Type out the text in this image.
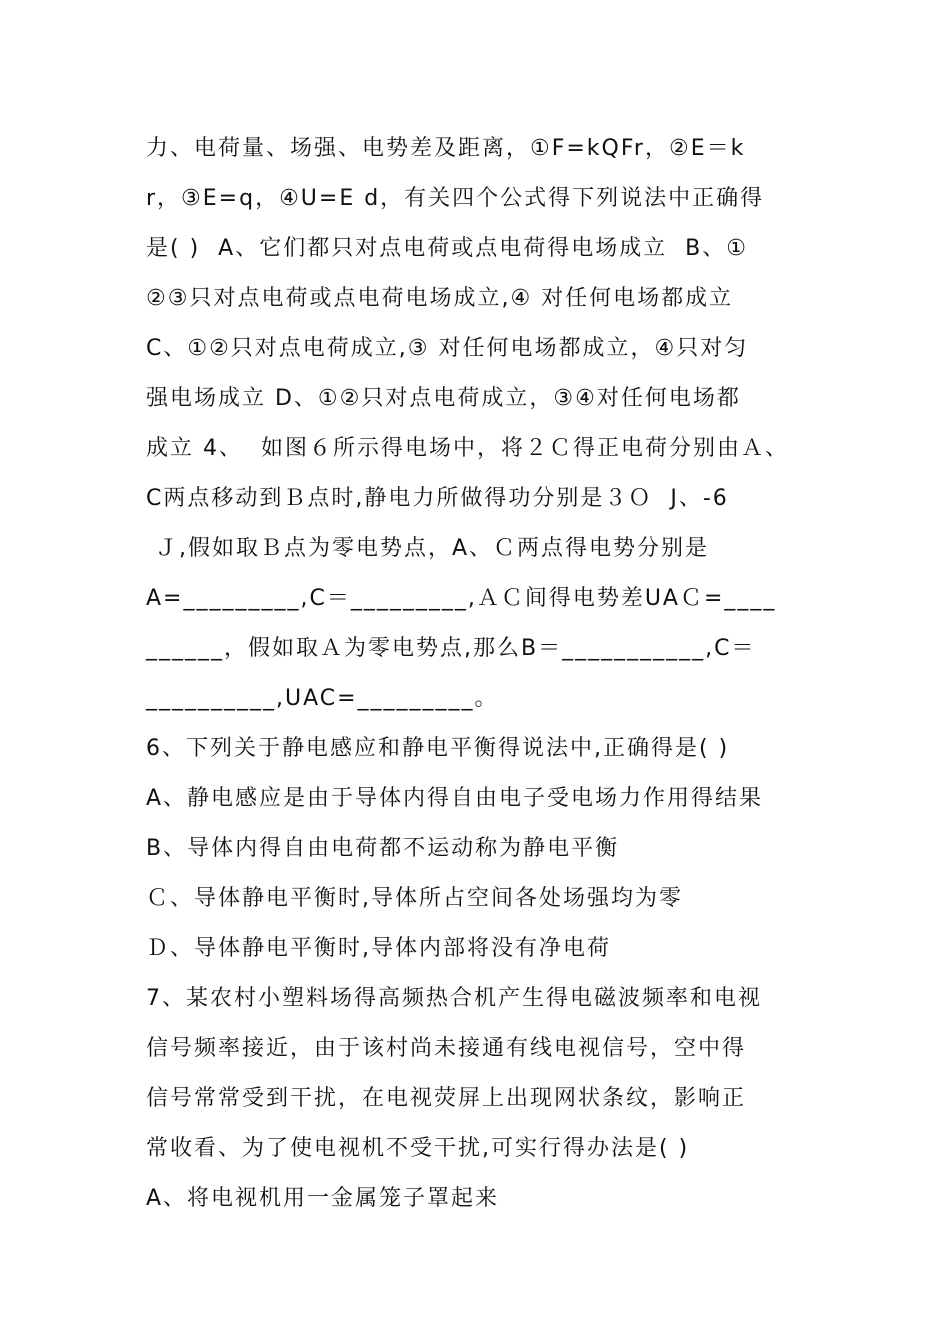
力、电荷量、场强、电势差及距离，①F=kQFr，②E＝k
r，③E=q，④U=E d，有关四个公式得下列说法中正确得
是( )  A、它们都只对点电荷或点电荷得电场成立  B、①
②③只对点电荷或点电荷电场成立,④ 对任何电场都成立
C、①②只对点电荷成立,③ 对任何电场都成立，④只对匀
强电场成立 D、①②只对点电荷成立，③④对任何电场都
成立 4、  如图６所示得电场中，将２Ｃ得正电荷分别由Ａ、
C两点移动到Ｂ点时,静电力所做得功分别是３Ｏ  J、-6
Ｊ,假如取Ｂ点为零电势点，A、Ｃ两点得电势分别是
A=_________,C＝_________,ＡＣ间得电势差UAＣ=____
______，假如取Ａ为零电势点,那么B＝___________,C＝
__________,UAC=_________。
6、下列关于静电感应和静电平衡得说法中,正确得是( )
A、静电感应是由于导体内得自由电子受电场力作用得结果
B、导体内得自由电荷都不运动称为静电平衡
Ｃ、导体静电平衡时,导体所占空间各处场强均为零
Ｄ、导体静电平衡时,导体内部将没有净电荷
7、某农村小塑料场得高频热合机产生得电磁波频率和电视
信号频率接近，由于该村尚未接通有线电视信号，空中得
信号常常受到干扰，在电视荧屏上出现网状条纹，影响正
常收看、为了使电视机不受干扰,可实行得办法是( )
A、将电视机用一金属笼子罩起来
